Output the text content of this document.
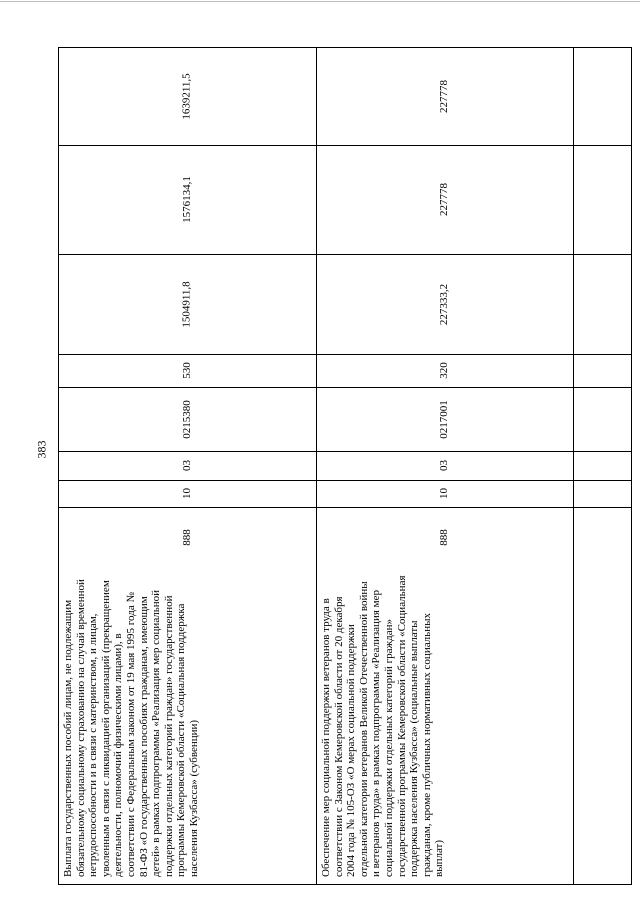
383
1639211,5
1576134,1
1504911,8
530
0215380
03
10
888
Выплата государственных пособий лицам, не подлежащим обязательному социальному страхованию на случай временной нетрудоспособности и в связи с материнством, и лицам, уволенным в связи с ликвидацией организаций (прекращением деятельности, полномочий физическими лицами), в соответствии с Федеральным законом от 19 мая 1995 года № 81-ФЗ «О государственных пособиях гражданам, имеющим детей» в рамках подпрограммы «Реализация мер социальной поддержки отдельных категорий граждан» государственной программы Кемеровской области «Социальная поддержка населения Кузбасса» (субвенции)
227778
227778
227333,2
320
0217001
03
10
888
Обеспечение мер социальной поддержки ветеранов труда в соответствии с Законом Кемеровской области от 20 декабря 2004 года № 105-ОЗ «О мерах социальной поддержки отдельной категории ветеранов Великой Отечественной войны и ветеранов труда» в рамках подпрограммы «Реализация мер социальной поддержки отдельных категорий граждан» государственной программы Кемеровской области «Социальная поддержка населения Кузбасса» (социальные выплаты гражданам, кроме публичных нормативных социальных выплат)
